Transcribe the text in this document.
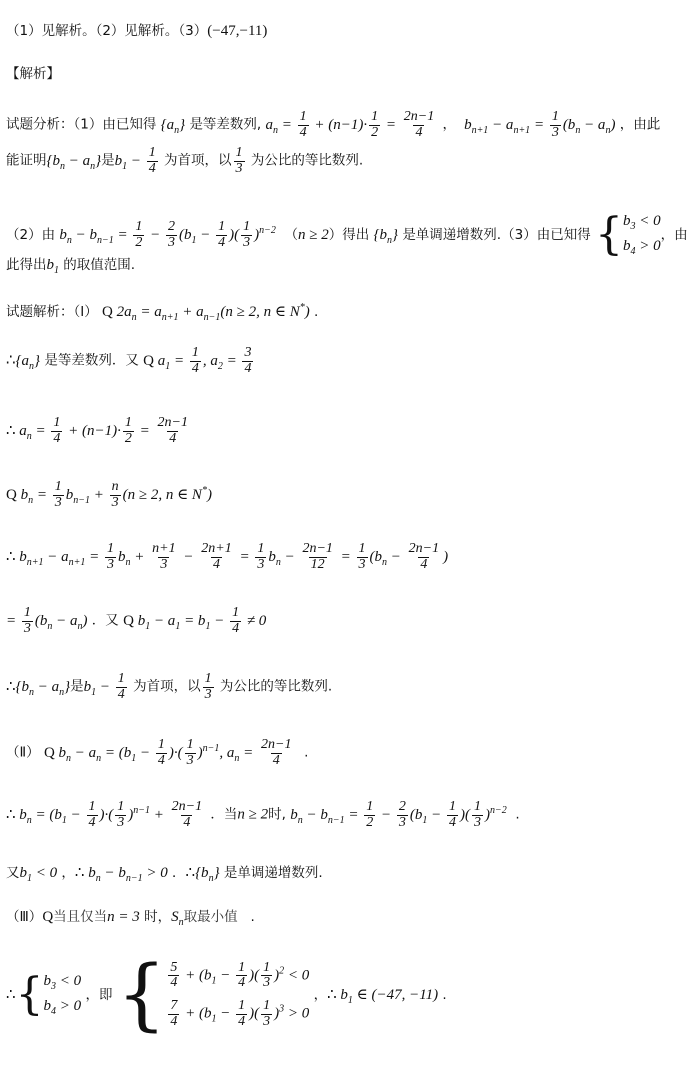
（1）见解析。（2）见解析。（3）(−47,−11)
【解析】
试题分析：（1）由已知得 $\{a_n\}$ 是等差数列, $a_n = \frac{1}{4} + (n-1)\cdot \frac{1}{2} = \frac{2n-1}{4}$ ，  $b_{n+1} - a_{n+1} = \frac{1}{3} (b_n - a_n)$ ，由此
能证明$\{b_n - a_n\}$是$b_1 - \frac{1}{4}$ 为首项，以 $\frac{1}{3}$ 为公比的等比数列.
（2）由 $b_n - b_{n-1} = \frac{1}{2} - \frac{2}{3} (b_1 - \frac{1}{4}$ )( $\frac{1}{3} )^{n-2}$ （n ≥ 2）得出 $\{b_n\}$ 是单调递增数列.（3）由已知得 { $b_3 < 0$
$b_4 > 0$
，由
此得出$b_1$ 的取值范围.
试题解析：（Ⅰ） Q $2a_n = a_{n+1} + a_{n-1}(n \ge 2$, n ∈ N*) .
$\therefore\{a_n\}$ 是等差数列．又 Q $a_1 = \frac{1}{4}$ , $a_2 = \frac{3}{4}$
∴ $a_n = \frac{1}{4} + (n-1)\cdot \frac{1}{2} = \frac{2n-1}{4}$
Q $b_n = \frac{1}{3} b_{n-1} + \frac{n}{3} (n \ge 2$, n ∈ N*)
∴ $b_{n+1} - a_{n+1} = \frac{1}{3} b_n + \frac{n+1}{3} - \frac{2n+1}{4} = \frac{1}{3} b_n - \frac{2n-1}{12} = \frac{1}{3} (b_n - \frac{2n-1}{4}$ )
= $\frac{1}{3} (b_n - a_n)$ ．又 Q $b_1 - a_1 = b_1 - \frac{1}{4} \ne 0$
$\therefore\{b_n - a_n\}$是$b_1 - \frac{1}{4}$ 为首项，以 $\frac{1}{3}$ 为公比的等比数列.
（Ⅱ） Q $b_n - a_n = (b_1 - \frac{1}{4}$ )·( $\frac{1}{3} )^{n-1}$, $a_n = \frac{2n-1}{4}$ .
∴ $b_n = (b_1 - \frac{1}{4}$ )·( $\frac{1}{3} )^{n-1} + \frac{2n-1}{4}$ ．当n ≥ 2时, $b_n - b_{n-1} = \frac{1}{2} - \frac{2}{3} (b_1 - \frac{1}{4}$ )( $\frac{1}{3} )^{n-2}$ .
又$b_1 < 0$ ，∴ $b_n - b_{n-1} > 0$ ．$\therefore\{b_n\}$ 是单调递增数列.
（Ⅲ）Q当且仅当n = 3 时，$S_n$取最小值 .
∴ { $b_3 < 0$
$b_4 > 0$
，即 { $\frac{5}{4} + (b_1 - \frac{1}{4}$ )( $\frac{1}{3} )^2 < 0$
$\frac{7}{4} + (b_1 - \frac{1}{4}$ )( $\frac{1}{3} )^3 > 0$
，∴ $b_1$ ∈ (−47, −11) .
